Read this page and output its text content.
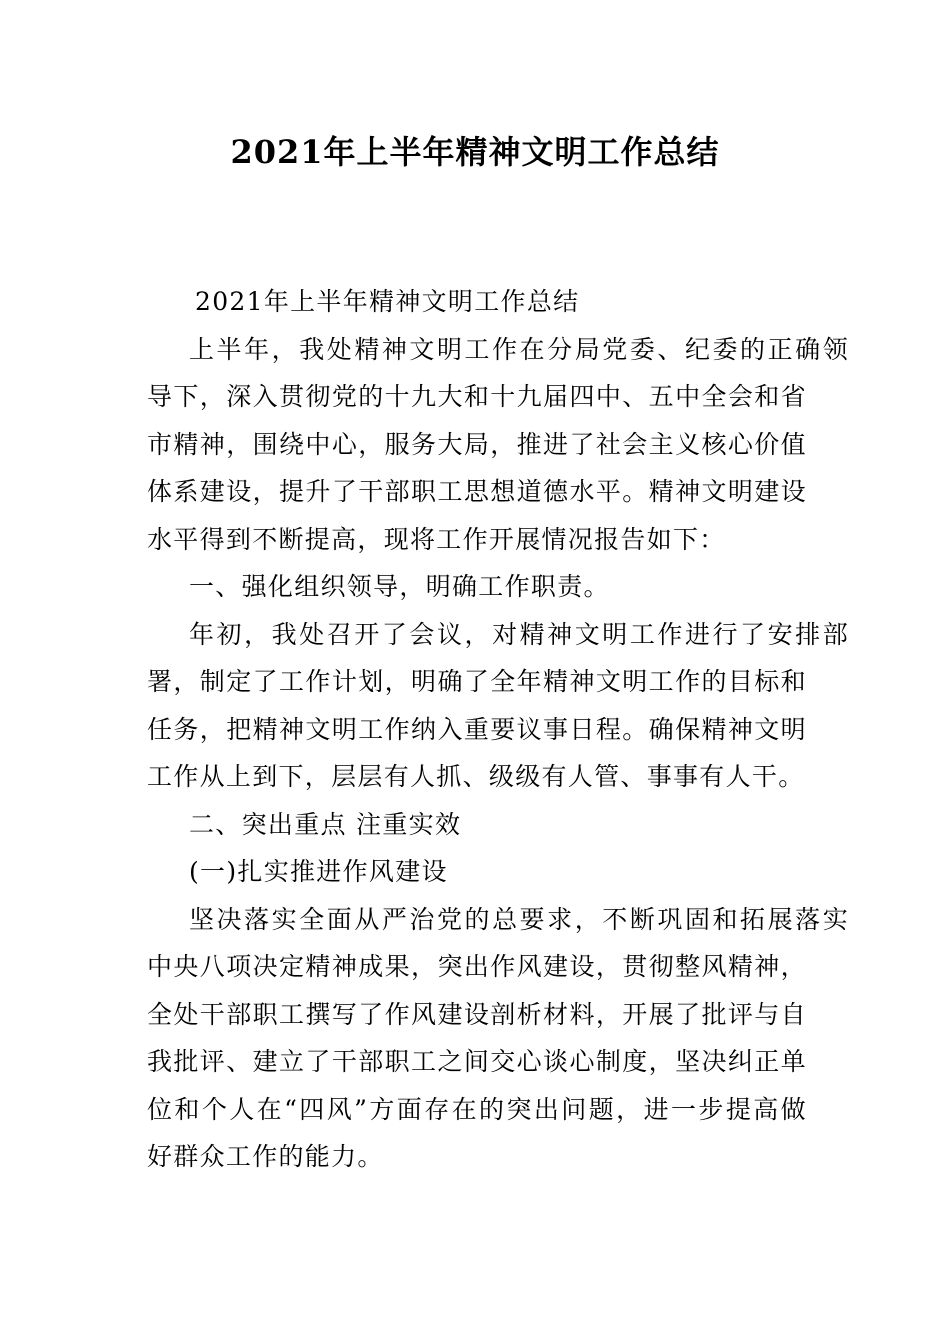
2021年上半年精神文明工作总结
2021年上半年精神文明工作总结
上半年，我处精神文明工作在分局党委、纪委的正确领
导下，深入贯彻党的十九大和十九届四中、五中全会和省
市精神，围绕中心，服务大局，推进了社会主义核心价值
体系建设，提升了干部职工思想道德水平。精神文明建设
水平得到不断提高，现将工作开展情况报告如下：
一、强化组织领导，明确工作职责。
年初，我处召开了会议，对精神文明工作进行了安排部
署，制定了工作计划，明确了全年精神文明工作的目标和
任务，把精神文明工作纳入重要议事日程。确保精神文明
工作从上到下，层层有人抓、级级有人管、事事有人干。
二、突出重点 注重实效
(一)扎实推进作风建设
坚决落实全面从严治党的总要求，不断巩固和拓展落实
中央八项决定精神成果，突出作风建设，贯彻整风精神，
全处干部职工撰写了作风建设剖析材料，开展了批评与自
我批评、建立了干部职工之间交心谈心制度，坚决纠正单
位和个人在“四风”方面存在的突出问题，进一步提高做
好群众工作的能力。
